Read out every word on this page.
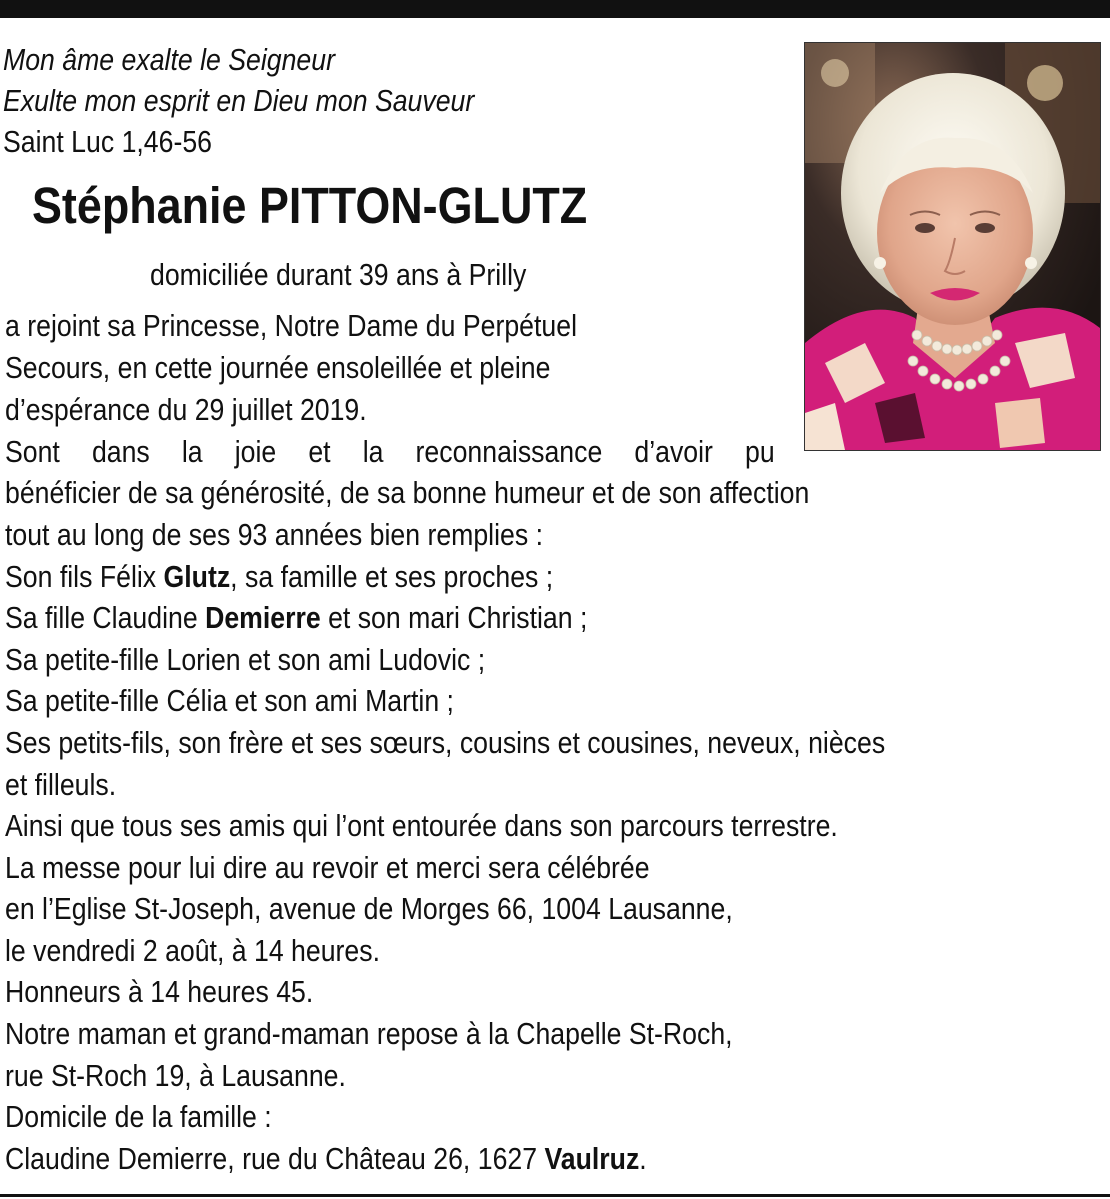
Mon âme exalte le Seigneur
Exulte mon esprit en Dieu mon Sauveur
Saint Luc 1,46-56
Stéphanie PITTON-GLUTZ
domiciliée durant 39 ans à Prilly
a rejoint sa Princesse, Notre Dame du Perpétuel
Secours, en cette journée ensoleillée et pleine
d’espérance du 29 juillet 2019.
Sont dans la joie et la reconnaissance d’avoir pu
bénéficier de sa générosité, de sa bonne humeur et de son affection
tout au long de ses 93 années bien remplies :
Son fils Félix Glutz, sa famille et ses proches ;
Sa fille Claudine Demierre et son mari Christian ;
Sa petite-fille Lorien et son ami Ludovic ;
Sa petite-fille Célia et son ami Martin ;
Ses petits-fils, son frère et ses sœurs, cousins et cousines, neveux, nièces
et filleuls.
Ainsi que tous ses amis qui l’ont entourée dans son parcours terrestre.
La messe pour lui dire au revoir et merci sera célébrée
en l’Eglise St-Joseph, avenue de Morges 66, 1004 Lausanne,
le vendredi 2 août, à 14 heures.
Honneurs à 14 heures 45.
Notre maman et grand-maman repose à la Chapelle St-Roch,
rue St-Roch 19, à Lausanne.
Domicile de la famille :
Claudine Demierre, rue du Château 26, 1627 Vaulruz.
